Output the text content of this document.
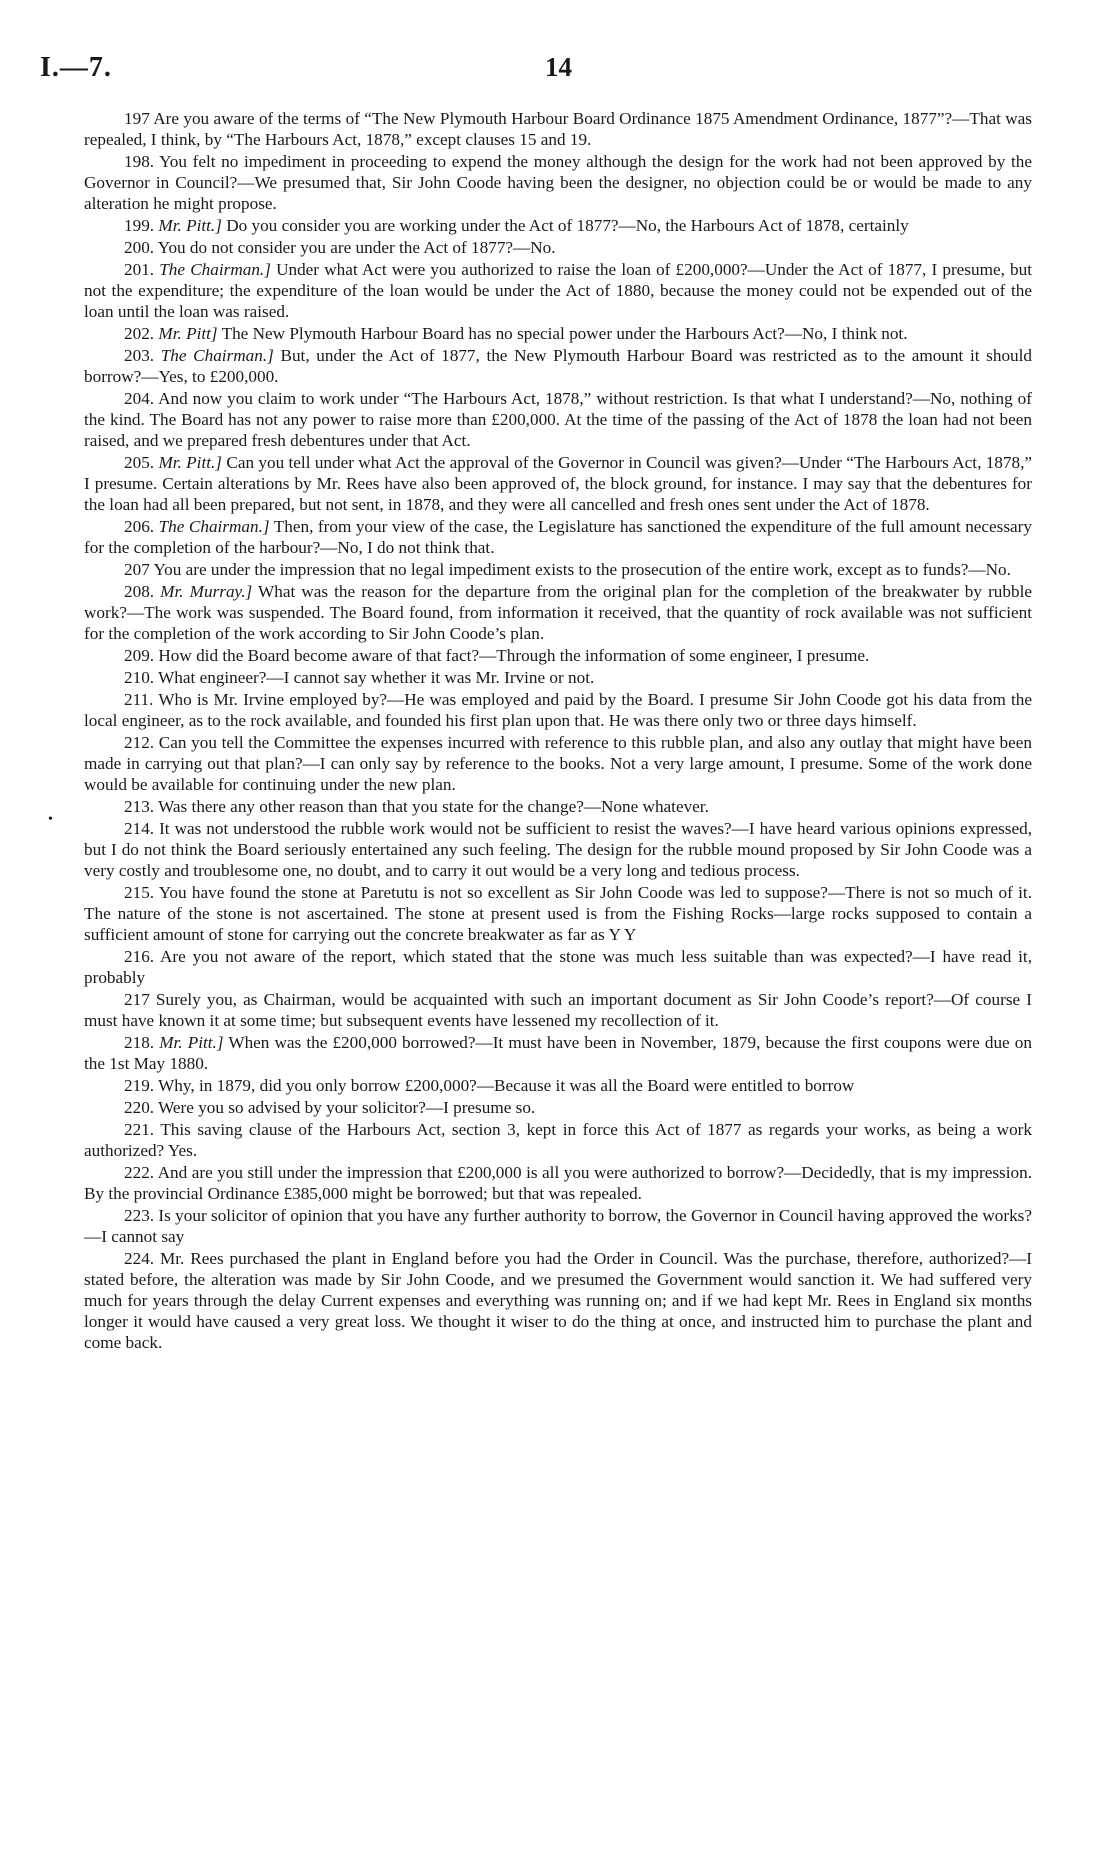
I.—7.	14
•

197 Are you aware of the terms of “The New Plymouth Harbour Board Ordinance 1875 Amendment Ordinance, 1877”?—That was repealed, I think, by “The Harbours Act, 1878,” except clauses 15 and 19.

198. You felt no impediment in proceeding to expend the money although the design for the work had not been approved by the Governor in Council?—We presumed that, Sir John Coode having been the designer, no objection could be or would be made to any alteration he might propose.

199. Mr. Pitt.] Do you consider you are working under the Act of 1877?—No, the Harbours Act of 1878, certainly

200. You do not consider you are under the Act of 1877?—No.

201. The Chairman.] Under what Act were you authorized to raise the loan of £200,000?—Under the Act of 1877, I presume, but not the expenditure; the expenditure of the loan would be under the Act of 1880, because the money could not be expended out of the loan until the loan was raised.

202. Mr. Pitt] The New Plymouth Harbour Board has no special power under the Harbours Act?—No, I think not.

203. The Chairman.] But, under the Act of 1877, the New Plymouth Harbour Board was restricted as to the amount it should borrow?—Yes, to £200,000.

204. And now you claim to work under “The Harbours Act, 1878,” without restriction. Is that what I understand?—No, nothing of the kind. The Board has not any power to raise more than £200,000. At the time of the passing of the Act of 1878 the loan had not been raised, and we prepared fresh debentures under that Act.

205. Mr. Pitt.] Can you tell under what Act the approval of the Governor in Council was given?—Under “The Harbours Act, 1878,” I presume. Certain alterations by Mr. Rees have also been approved of, the block ground, for instance. I may say that the debentures for the loan had all been prepared, but not sent, in 1878, and they were all cancelled and fresh ones sent under the Act of 1878.

206. The Chairman.] Then, from your view of the case, the Legislature has sanctioned the expenditure of the full amount necessary for the completion of the harbour?—No, I do not think that.

207 You are under the impression that no legal impediment exists to the prosecution of the entire work, except as to funds?—No.

208. Mr. Murray.] What was the reason for the departure from the original plan for the completion of the breakwater by rubble work?—The work was suspended. The Board found, from information it received, that the quantity of rock available was not sufficient for the completion of the work according to Sir John Coode’s plan.

209. How did the Board become aware of that fact?—Through the information of some engineer, I presume.

210. What engineer?—I cannot say whether it was Mr. Irvine or not.

211. Who is Mr. Irvine employed by?—He was employed and paid by the Board. I presume Sir John Coode got his data from the local engineer, as to the rock available, and founded his first plan upon that. He was there only two or three days himself.

212. Can you tell the Committee the expenses incurred with reference to this rubble plan, and also any outlay that might have been made in carrying out that plan?—I can only say by reference to the books. Not a very large amount, I presume. Some of the work done would be available for continuing under the new plan.

213. Was there any other reason than that you state for the change?—None whatever.

214. It was not understood the rubble work would not be sufficient to resist the waves?—I have heard various opinions expressed, but I do not think the Board seriously entertained any such feeling. The design for the rubble mound proposed by Sir John Coode was a very costly and troublesome one, no doubt, and to carry it out would be a very long and tedious process.

215. You have found the stone at Paretutu is not so excellent as Sir John Coode was led to suppose?—There is not so much of it. The nature of the stone is not ascertained. The stone at present used is from the Fishing Rocks—large rocks supposed to contain a sufficient amount of stone for carrying out the concrete breakwater as far as Y Y

216. Are you not aware of the report, which stated that the stone was much less suitable than was expected?—I have read it, probably

217 Surely you, as Chairman, would be acquainted with such an important document as Sir John Coode’s report?—Of course I must have known it at some time; but subsequent events have lessened my recollection of it.

218. Mr. Pitt.] When was the £200,000 borrowed?—It must have been in November, 1879, because the first coupons were due on the 1st May 1880.

219. Why, in 1879, did you only borrow £200,000?—Because it was all the Board were entitled to borrow

220. Were you so advised by your solicitor?—I presume so.

221. This saving clause of the Harbours Act, section 3, kept in force this Act of 1877 as regards your works, as being a work authorized? Yes.

222. And are you still under the impression that £200,000 is all you were authorized to borrow?—Decidedly, that is my impression. By the provincial Ordinance £385,000 might be borrowed; but that was repealed.

223. Is your solicitor of opinion that you have any further authority to borrow, the Governor in Council having approved the works?—I cannot say

224. Mr. Rees purchased the plant in England before you had the Order in Council. Was the purchase, therefore, authorized?—I stated before, the alteration was made by Sir John Coode, and we presumed the Government would sanction it. We had suffered very much for years through the delay Current expenses and everything was running on; and if we had kept Mr. Rees in England six months longer it would have caused a very great loss. We thought it wiser to do the thing at once, and instructed him to purchase the plant and come back.
